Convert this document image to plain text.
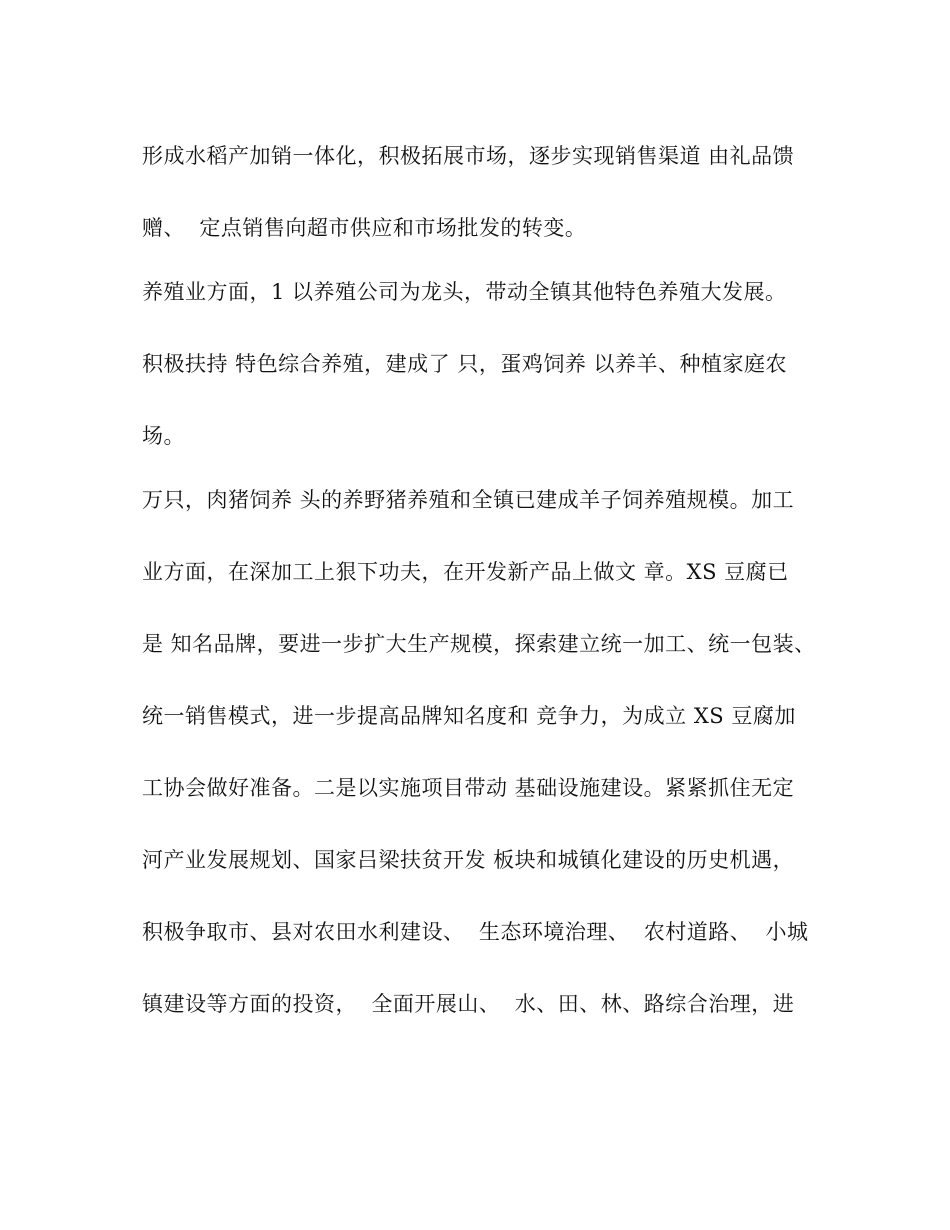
形成水稻产加销一体化，积极拓展市场，逐步实现销售渠道 由礼品馈
赠、  定点销售向超市供应和市场批发的转变。
养殖业方面，1 以养殖公司为龙头，带动全镇其他特色养殖大发展。
积极扶持 特色综合养殖，建成了 只，蛋鸡饲养 以养羊、种植家庭农
场。
万只，肉猪饲养 头的养野猪养殖和全镇已建成羊子饲养殖规模。加工
业方面，在深加工上狠下功夫，在开发新产品上做文 章。XS 豆腐已
是 知名品牌，要进一步扩大生产规模，探索建立统一加工、统一包装、
统一销售模式，进一步提高品牌知名度和 竞争力，为成立 XS 豆腐加
工协会做好准备。二是以实施项目带动 基础设施建设。紧紧抓住无定
河产业发展规划、国家吕梁扶贫开发 板块和城镇化建设的历史机遇，
积极争取市、县对农田水利建设、  生态环境治理、  农村道路、  小城
镇建设等方面的投资，  全面开展山、  水、田、林、路综合治理，进
